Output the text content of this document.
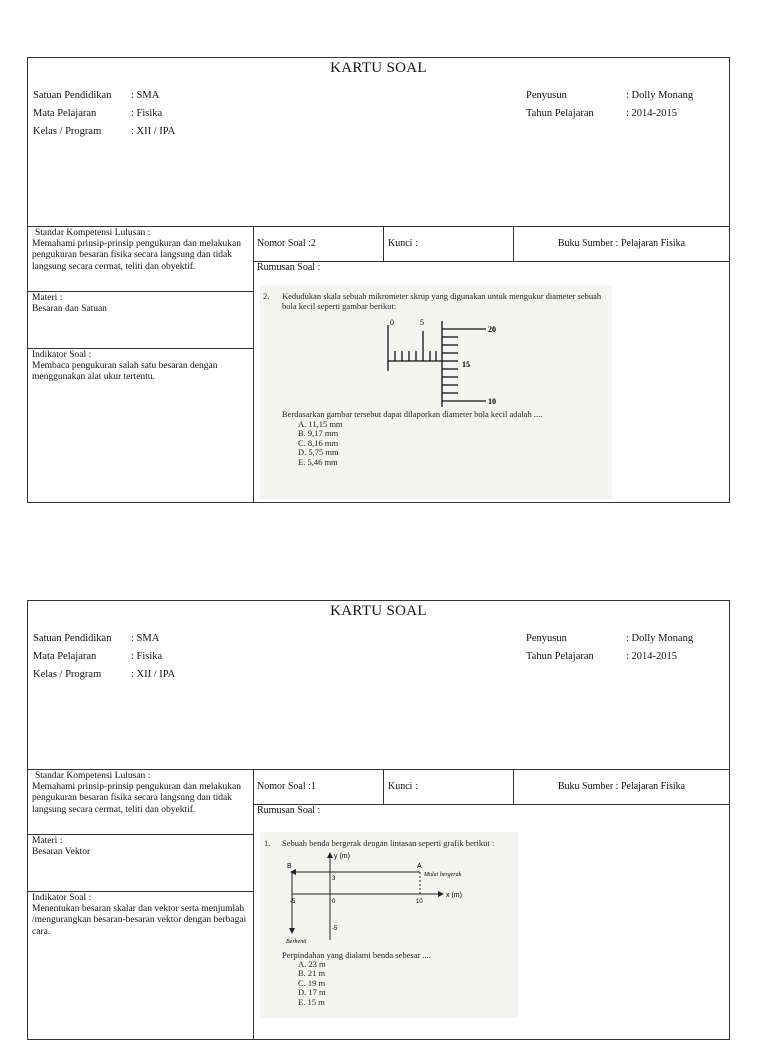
KARTU SOAL
Satuan Pendidikan	: SMA
Mata Pelajaran	: Fisika
Kelas / Program	: XII / IPA
Penyusun	: Dolly Monang
Tahun Pelajaran	: 2014-2015
Standar Kompetensi Lulusan :
Memahami prinsip-prinsip pengukuran dan melakukan pengukuran besaran fisika secara langsung dan tidak langsung secara cermat, teliti dan obyektif.
Materi :
Besaran dan Satuan
Indikator Soal :
Membaca pengukuran salah satu besaran dengan menggunakan alat ukur tertentu.
Nomor Soal :2	Kunci :	Buku Sumber : Pelajaran Fisika
Rumusan Soal :
2. Kedudukan skala sebuah mikrometer skrup yang digunakan untuk mengukur diameter sebuah bola kecil seperti gambar berikut:
0	5
20
15
10
Berdasarkan gambar tersebut dapat dilaporkan diameter bola kecil adalah ....
A. 11,15 mm
B. 9,17 mm
C. 8,16 mm
D. 5,75 mm
E. 5,46 mm
KARTU SOAL
Satuan Pendidikan	: SMA
Mata Pelajaran	: Fisika
Kelas / Program	: XII / IPA
Penyusun	: Dolly Monang
Tahun Pelajaran	: 2014-2015
Standar Kompetensi Lulusan :
Memahami prinsip-prinsip pengukuran dan melakukan pengukuran besaran fisika secara langsung dan tidak langsung secara cermat, teliti dan obyektif.
Materi :
Besaran Vektor
Indikator Soal :
Menentukan besaran skalar dan vektor serta menjumlah /mengurangkan besaran-besaran vektor dengan berbagai cara.
Nomor Soal :1	Kunci :	Buku Sumber : Pelajaran Fisika
Rumusan Soal :
1. Sebuah benda bergerak dengan lintasan seperti grafik berikut :
y (m)
x (m)
B	A
Mulai bergerak
3
-5	0	10
-5
Berhenti
Perpindahan yang dialami benda sebesar ....
A. 23 m
B. 21 m
C. 19 m
D. 17 m
E. 15 m
